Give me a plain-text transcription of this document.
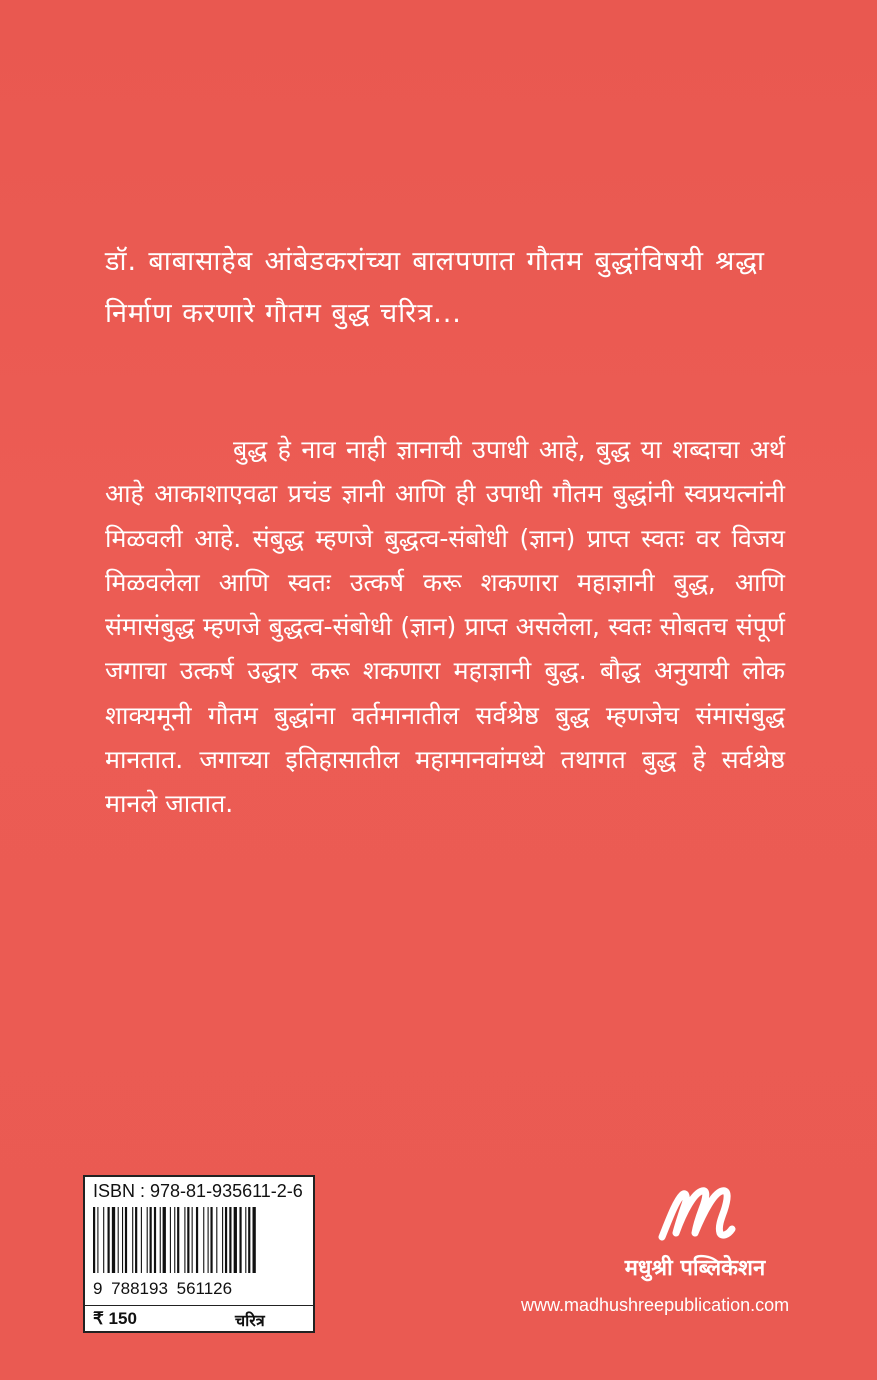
डॉ. बाबासाहेब आंबेडकरांच्या बालपणात गौतम बुद्धांविषयी श्रद्धा निर्माण करणारे गौतम बुद्ध चरित्र...
बुद्ध हे नाव नाही ज्ञानाची उपाधी आहे, बुद्ध या शब्दाचा अर्थ आहे आकाशाएवढा प्रचंड ज्ञानी आणि ही उपाधी गौतम बुद्धांनी स्वप्रयत्नांनी मिळवली आहे. संबुद्ध म्हणजे बुद्धत्व-संबोधी (ज्ञान) प्राप्त स्वतः वर विजय मिळवलेला आणि स्वतः उत्कर्ष करू शकणारा महाज्ञानी बुद्ध, आणि संमासंबुद्ध म्हणजे बुद्धत्व-संबोधी (ज्ञान) प्राप्त असलेला, स्वतः सोबतच संपूर्ण जगाचा उत्कर्ष उद्धार करू शकणारा महाज्ञानी बुद्ध. बौद्ध अनुयायी लोक शाक्यमूनी गौतम बुद्धांना वर्तमानातील सर्वश्रेष्ठ बुद्ध म्हणजेच संमासंबुद्ध मानतात. जगाच्या इतिहासातील महामानवांमध्ये तथागत बुद्ध हे सर्वश्रेष्ठ मानले जातात.
ISBN : 978-81-935611-2-6
9 788193 561126
₹ 150	चरित्र
मधुश्री पब्लिकेशन
www.madhushreepublication.com
